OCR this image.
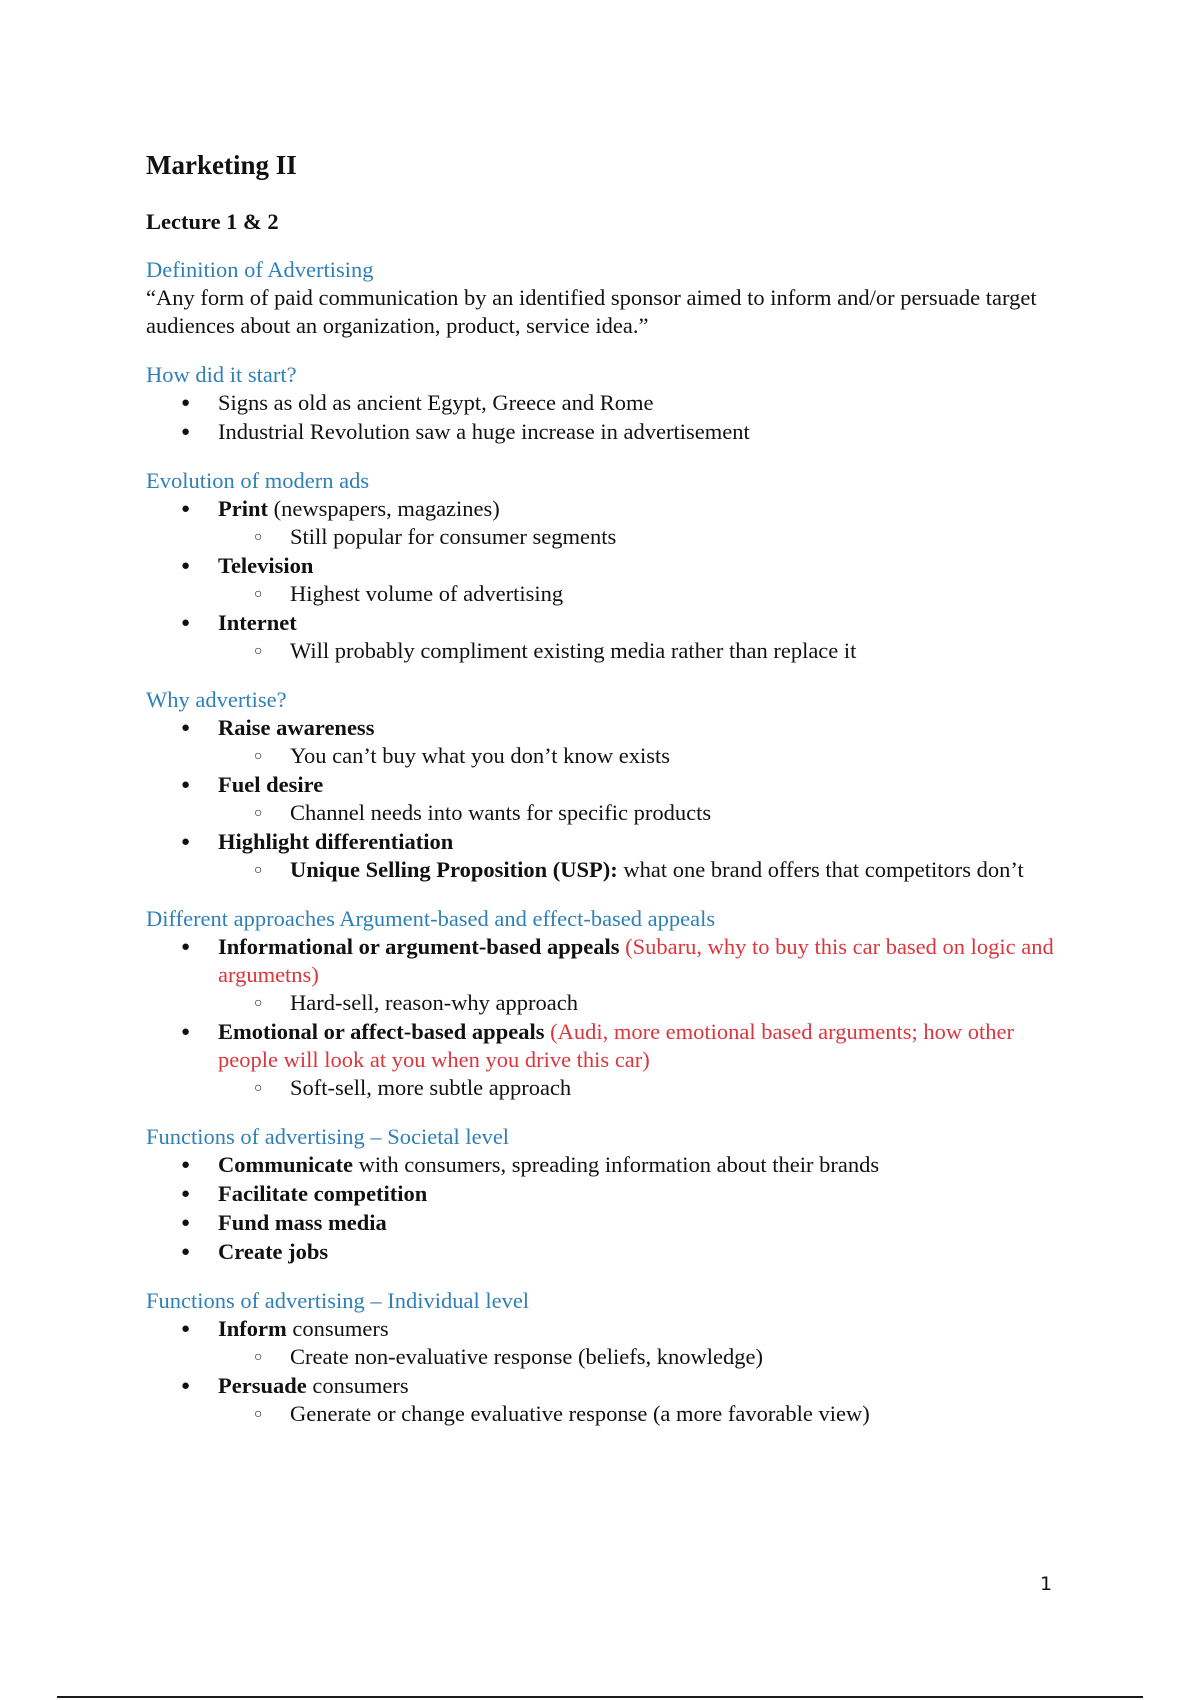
Marketing II
Lecture 1 & 2
Definition of Advertising

“Any form of paid communication by an identified sponsor aimed to inform and/or persuade target audiences about an organization, product, service idea.”

How did it start?
● Signs as old as ancient Egypt, Greece and Rome
● Industrial Revolution saw a huge increase in advertisement
Evolution of modern ads
● Print (newspapers, magazines)
○ Still popular for consumer segments
● Television
○ Highest volume of advertising
● Internet
○ Will probably compliment existing media rather than replace it
Why advertise?
● Raise awareness
○ You can’t buy what you don’t know exists
● Fuel desire
○ Channel needs into wants for specific products
● Highlight differentiation
○ Unique Selling Proposition (USP): what one brand offers that competitors don’t
Different approaches Argument-based and effect-based appeals
● Informational or argument-based appeals (Subaru, why to buy this car based on logic and argumetns)
○ Hard-sell, reason-why approach
● Emotional or affect-based appeals (Audi, more emotional based arguments; how other people will look at you when you drive this car)
○ Soft-sell, more subtle approach
Functions of advertising – Societal level
● Communicate with consumers, spreading information about their brands
● Facilitate competition
● Fund mass media
● Create jobs
Functions of advertising – Individual level
● Inform consumers
○ Create non-evaluative response (beliefs, knowledge)
● Persuade consumers
○ Generate or change evaluative response (a more favorable view)
1
